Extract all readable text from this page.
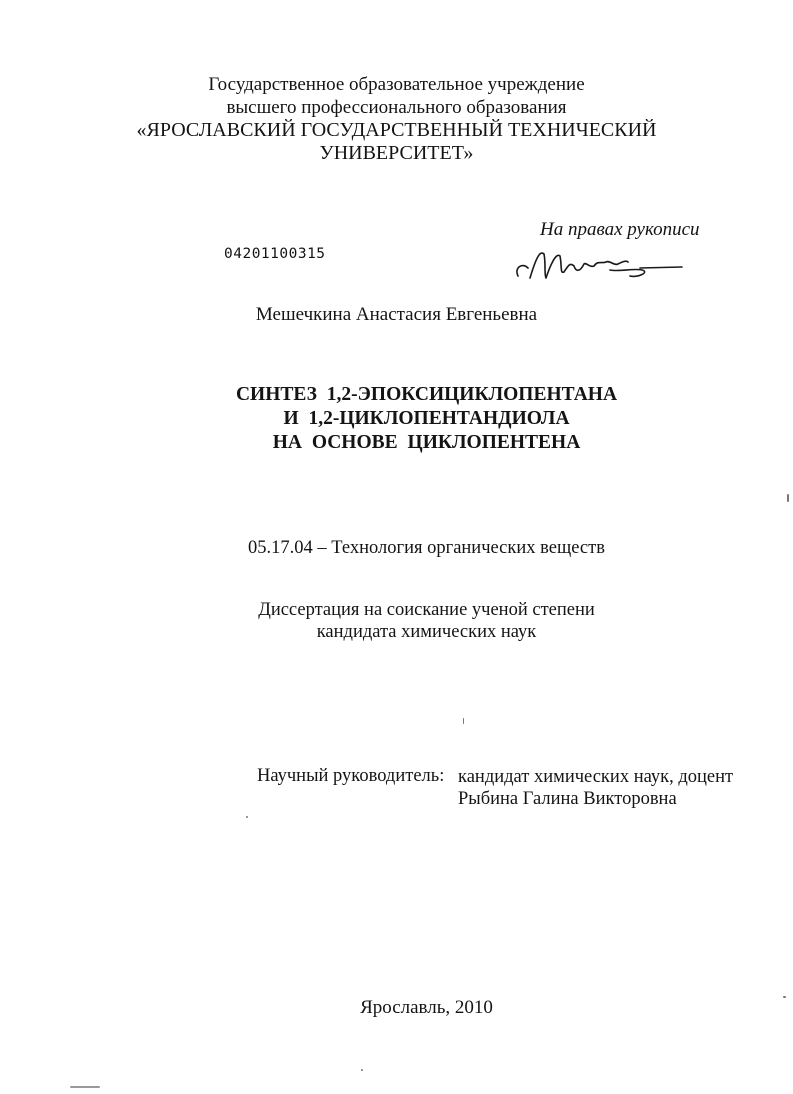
Государственное образовательное учреждение
высшего профессионального образования
«ЯРОСЛАВСКИЙ ГОСУДАРСТВЕННЫЙ ТЕХНИЧЕСКИЙ
УНИВЕРСИТЕТ»
На правах рукописи
04201100315
Мешечкина Анастасия Евгеньевна
СИНТЕЗ 1,2-ЭПОКСИЦИКЛОПЕНТАНА
И 1,2-ЦИКЛОПЕНТАНДИОЛА
НА ОСНОВЕ ЦИКЛОПЕНТЕНА
05.17.04 – Технология органических веществ
Диссертация на соискание ученой степени
кандидата химических наук
Научный руководитель: кандидат химических наук, доцент
Рыбина Галина Викторовна
Ярославль, 2010
